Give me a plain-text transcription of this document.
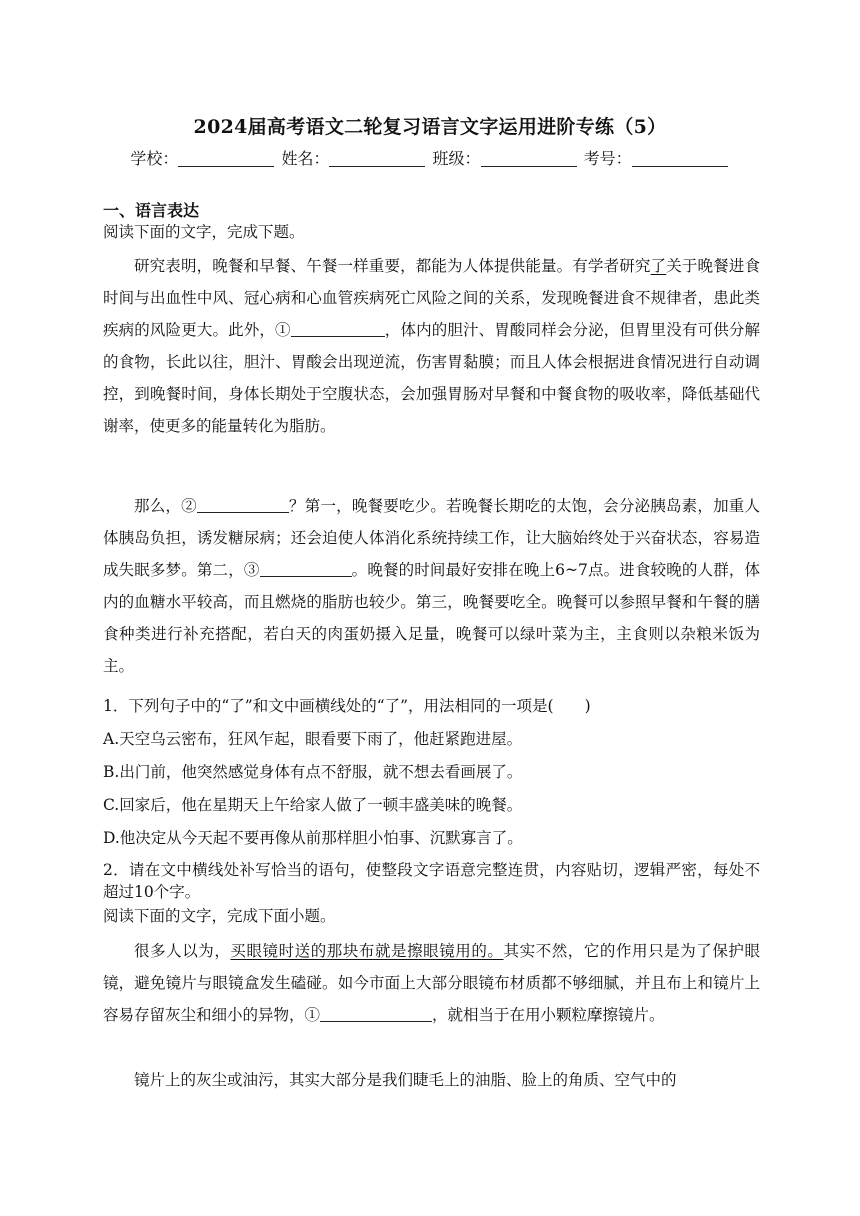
2024届高考语文二轮复习语言文字运用进阶专练（5）
学校：	姓名：	班级：	考号：
一、语言表达
阅读下面的文字，完成下题。
研究表明，晚餐和早餐、午餐一样重要，都能为人体提供能量。有学者研究了关于晚餐进食时间与出血性中风、冠心病和心血管疾病死亡风险之间的关系，发现晚餐进食不规律者，患此类疾病的风险更大。此外，①	，体内的胆汁、胃酸同样会分泌，但胃里没有可供分解的食物，长此以往，胆汁、胃酸会出现逆流，伤害胃黏膜；而且人体会根据进食情况进行自动调控，到晚餐时间，身体长期处于空腹状态，会加强胃肠对早餐和中餐食物的吸收率，降低基础代谢率，使更多的能量转化为脂肪。
那么，②	？第一，晚餐要吃少。若晚餐长期吃的太饱，会分泌胰岛素，加重人体胰岛负担，诱发糖尿病；还会迫使人体消化系统持续工作，让大脑始终处于兴奋状态，容易造成失眠多梦。第二，③	。晚餐的时间最好安排在晚上6~7点。进食较晚的人群，体内的血糖水平较高，而且燃烧的脂肪也较少。第三，晚餐要吃全。晚餐可以参照早餐和午餐的膳食种类进行补充搭配，若白天的肉蛋奶摄入足量，晚餐可以绿叶菜为主，主食则以杂粮米饭为主。
1．下列句子中的“了”和文中画横线处的“了”，用法相同的一项是(　　)
A.天空乌云密布，狂风乍起，眼看要下雨了，他赶紧跑进屋。
B.出门前，他突然感觉身体有点不舒服，就不想去看画展了。
C.回家后，他在星期天上午给家人做了一顿丰盛美味的晚餐。
D.他决定从今天起不要再像从前那样胆小怕事、沉默寡言了。
2．请在文中横线处补写恰当的语句，使整段文字语意完整连贯，内容贴切，逻辑严密，每处不超过10个字。
阅读下面的文字，完成下面小题。
很多人以为，买眼镜时送的那块布就是擦眼镜用的。其实不然，它的作用只是为了保护眼镜，避免镜片与眼镜盒发生磕碰。如今市面上大部分眼镜布材质都不够细腻，并且布上和镜片上容易存留灰尘和细小的异物，①	，就相当于在用小颗粒摩擦镜片。
镜片上的灰尘或油污，其实大部分是我们睫毛上的油脂、脸上的角质、空气中的
